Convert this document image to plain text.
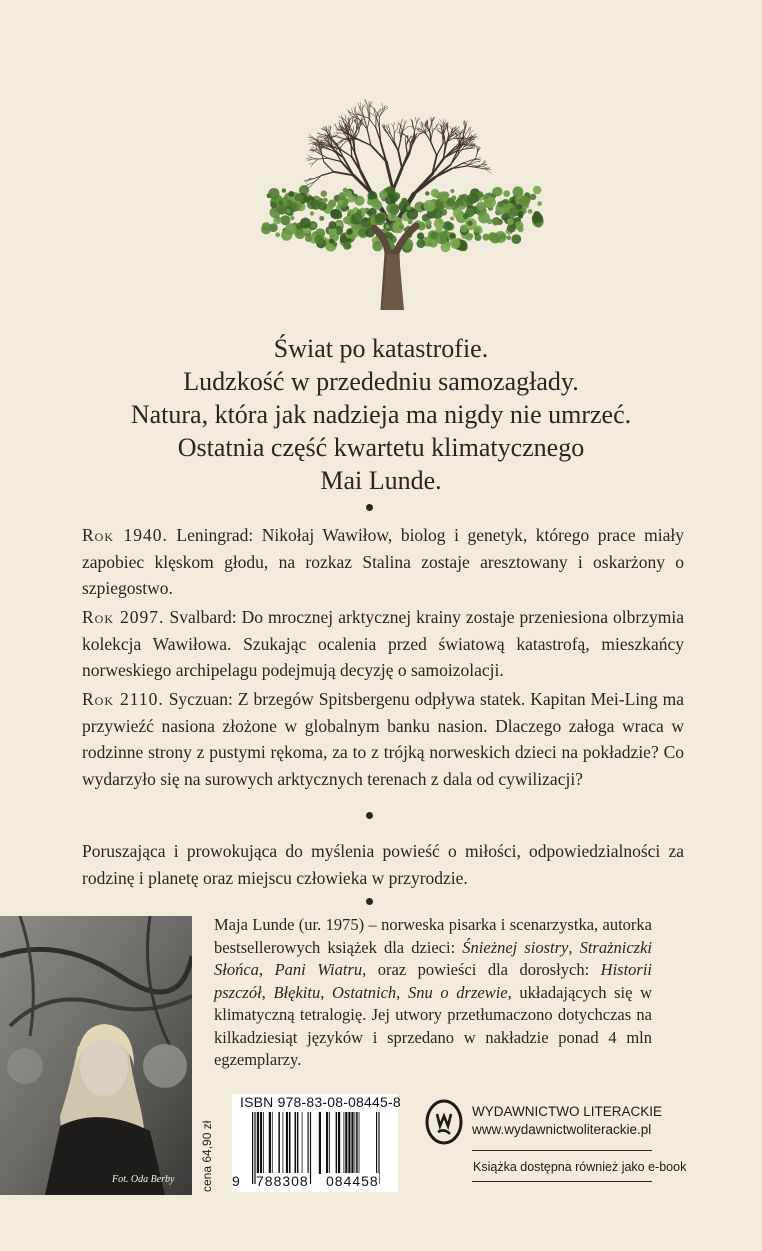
Świat po katastrofie.
Ludzkość w przededniu samozagłady.
Natura, która jak nadzieja ma nigdy nie umrzeć.
Ostatnia część kwartetu klimatycznego
Mai Lunde.

Rok 1940. Leningrad: Nikołaj Wawiłow, biolog i genetyk, którego prace miały zapobiec klęskom głodu, na rozkaz Stalina zostaje aresztowany i oskarżony o szpiegostwo.

Rok 2097. Svalbard: Do mrocznej arktycznej krainy zostaje przeniesiona olbrzymia kolekcja Wawiłowa. Szukając ocalenia przed światową katastrofą, mieszkańcy norweskiego archipelagu podejmują decyzję o samoizolacji.

Rok 2110. Syczuan: Z brzegów Spitsbergenu odpływa statek. Kapitan Mei-Ling ma przywieźć nasiona złożone w globalnym banku nasion. Dlaczego załoga wraca w rodzinne strony z pustymi rękoma, za to z trójką norweskich dzieci na pokładzie? Co wydarzyło się na surowych arktycznych terenach z dala od cywilizacji?

Poruszająca i prowokująca do myślenia powieść o miłości, odpowiedzialności za rodzinę i planetę oraz miejscu człowieka w przyrodzie.

Fot. Oda Berby

Maja Lunde (ur. 1975) – norweska pisarka i scenarzystka, autorka bestsellerowych książek dla dzieci: Śnieżnej siostry, Strażniczki Słońca, Pani Wiatru, oraz powieści dla dorosłych: Historii pszczół, Błękitu, Ostatnich, Snu o drzewie, układających się w klimatyczną tetralogię. Jej utwory przetłumaczono dotychczas na kilkadziesiąt języków i sprzedano w nakładzie ponad 4 mln egzemplarzy.

cena 64,90 zł
ISBN 978-83-08-08445-8
9 788308 084458
WYDAWNICTWO LITERACKIE
www.wydawnictwoliterackie.pl
Książka dostępna również jako e-book
